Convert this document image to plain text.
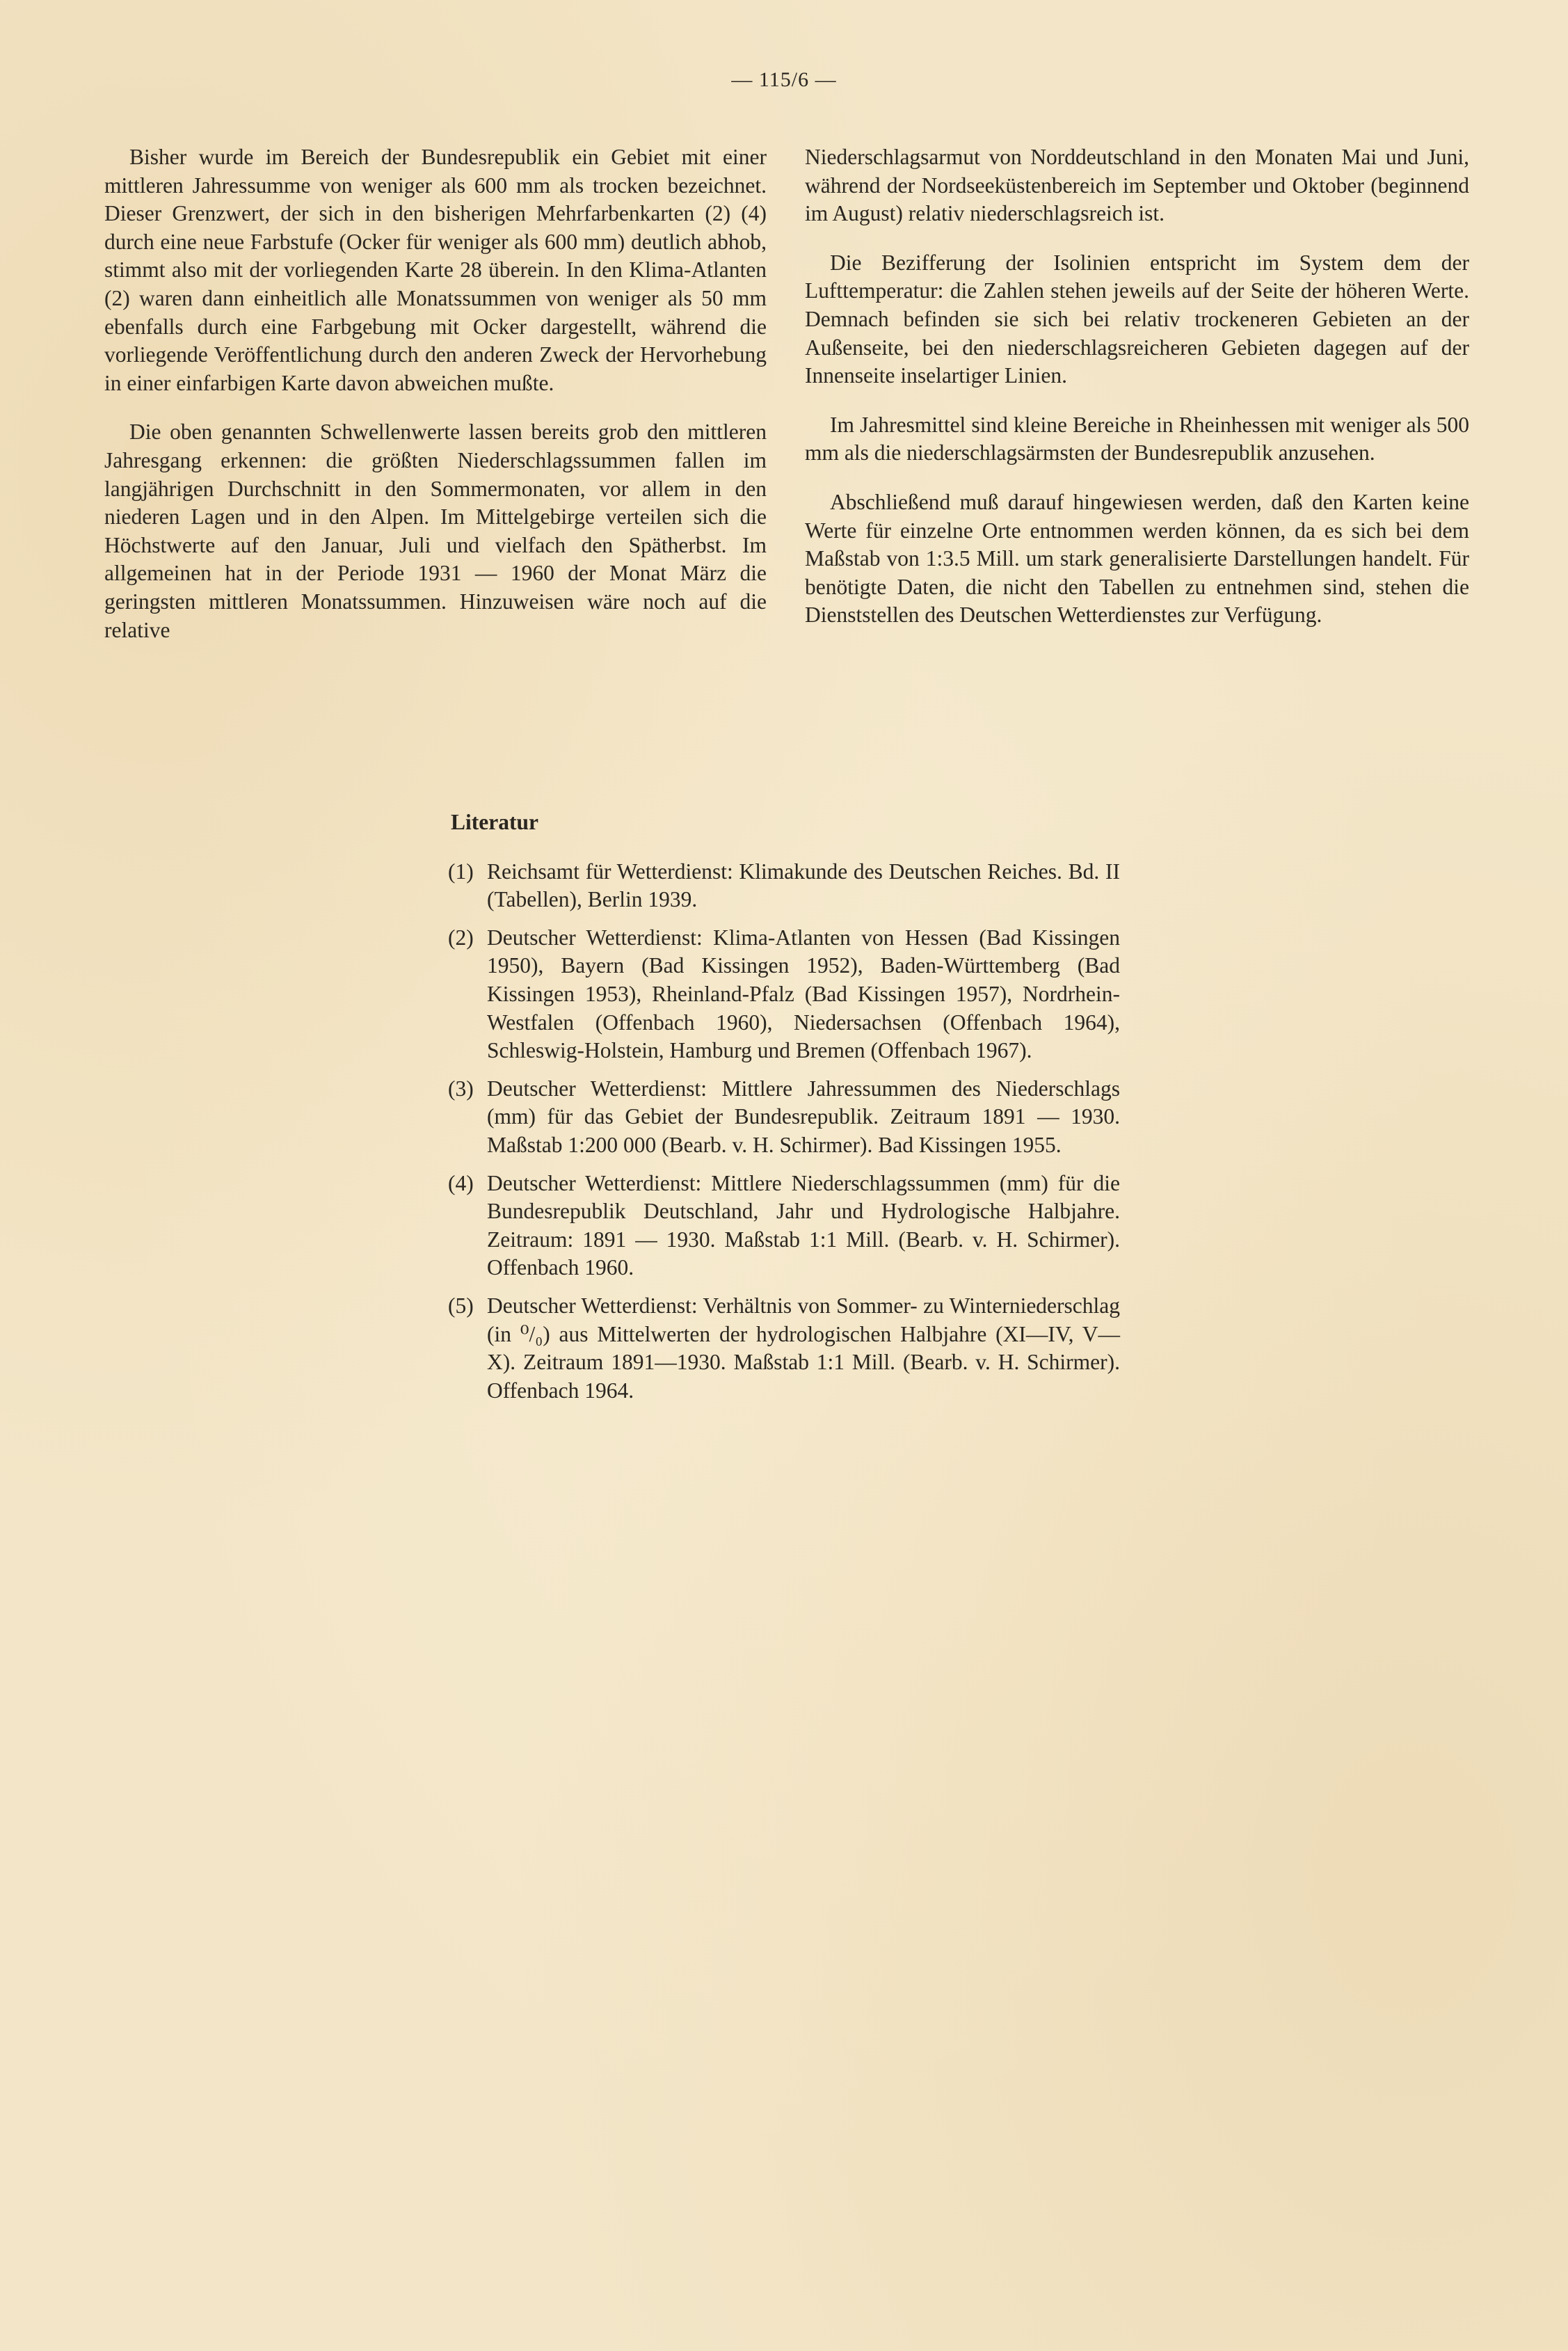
— 115/6 —

Bisher wurde im Bereich der Bundesrepublik ein Gebiet mit einer mittleren Jahressumme von weniger als 600 mm als trocken bezeichnet. Dieser Grenzwert, der sich in den bisherigen Mehrfarbenkarten (2) (4) durch eine neue Farbstufe (Ocker für weniger als 600 mm) deutlich abhob, stimmt also mit der vorliegenden Karte 28 überein. In den Klima-Atlanten (2) waren dann einheitlich alle Monatssummen von weniger als 50 mm ebenfalls durch eine Farbgebung mit Ocker dargestellt, während die vorliegende Veröffentlichung durch den anderen Zweck der Hervorhebung in einer einfarbigen Karte davon abweichen mußte.

Die oben genannten Schwellenwerte lassen bereits grob den mittleren Jahresgang erkennen: die größten Niederschlagssummen fallen im langjährigen Durchschnitt in den Sommermonaten, vor allem in den niederen Lagen und in den Alpen. Im Mittelgebirge verteilen sich die Höchstwerte auf den Januar, Juli und vielfach den Spätherbst. Im allgemeinen hat in der Periode 1931 — 1960 der Monat März die geringsten mittleren Monatssummen. Hinzuweisen wäre noch auf die relative

Niederschlagsarmut von Norddeutschland in den Monaten Mai und Juni, während der Nordseeküstenbereich im September und Oktober (beginnend im August) relativ niederschlagsreich ist.

Die Bezifferung der Isolinien entspricht im System dem der Lufttemperatur: die Zahlen stehen jeweils auf der Seite der höheren Werte. Demnach befinden sie sich bei relativ trockeneren Gebieten an der Außenseite, bei den niederschlagsreicheren Gebieten dagegen auf der Innenseite inselartiger Linien.

Im Jahresmittel sind kleine Bereiche in Rheinhessen mit weniger als 500 mm als die niederschlagsärmsten der Bundesrepublik anzusehen.

Abschließend muß darauf hingewiesen werden, daß den Karten keine Werte für einzelne Orte entnommen werden können, da es sich bei dem Maßstab von 1:3.5 Mill. um stark generalisierte Darstellungen handelt. Für benötigte Daten, die nicht den Tabellen zu entnehmen sind, stehen die Dienststellen des Deutschen Wetterdienstes zur Verfügung.

Literatur
(1) Reichsamt für Wetterdienst: Klimakunde des Deutschen Reiches. Bd. II (Tabellen), Berlin 1939.
(2) Deutscher Wetterdienst: Klima-Atlanten von Hessen (Bad Kissingen 1950), Bayern (Bad Kissingen 1952), Baden-Württemberg (Bad Kissingen 1953), Rheinland-Pfalz (Bad Kissingen 1957), Nordrhein-Westfalen (Offenbach 1960), Niedersachsen (Offenbach 1964), Schleswig-Holstein, Hamburg und Bremen (Offenbach 1967).
(3) Deutscher Wetterdienst: Mittlere Jahressummen des Niederschlags (mm) für das Gebiet der Bundesrepublik. Zeitraum 1891 — 1930. Maßstab 1:200 000 (Bearb. v. H. Schirmer). Bad Kissingen 1955.
(4) Deutscher Wetterdienst: Mittlere Niederschlagssummen (mm) für die Bundesrepublik Deutschland, Jahr und Hydrologische Halbjahre. Zeitraum: 1891 — 1930. Maßstab 1:1 Mill. (Bearb. v. H. Schirmer). Offenbach 1960.
(5) Deutscher Wetterdienst: Verhältnis von Sommer- zu Winterniederschlag (in ⁰/₀) aus Mittelwerten der hydrologischen Halbjahre (XI—IV, V—X). Zeitraum 1891—1930. Maßstab 1:1 Mill. (Bearb. v. H. Schirmer). Offenbach 1964.
